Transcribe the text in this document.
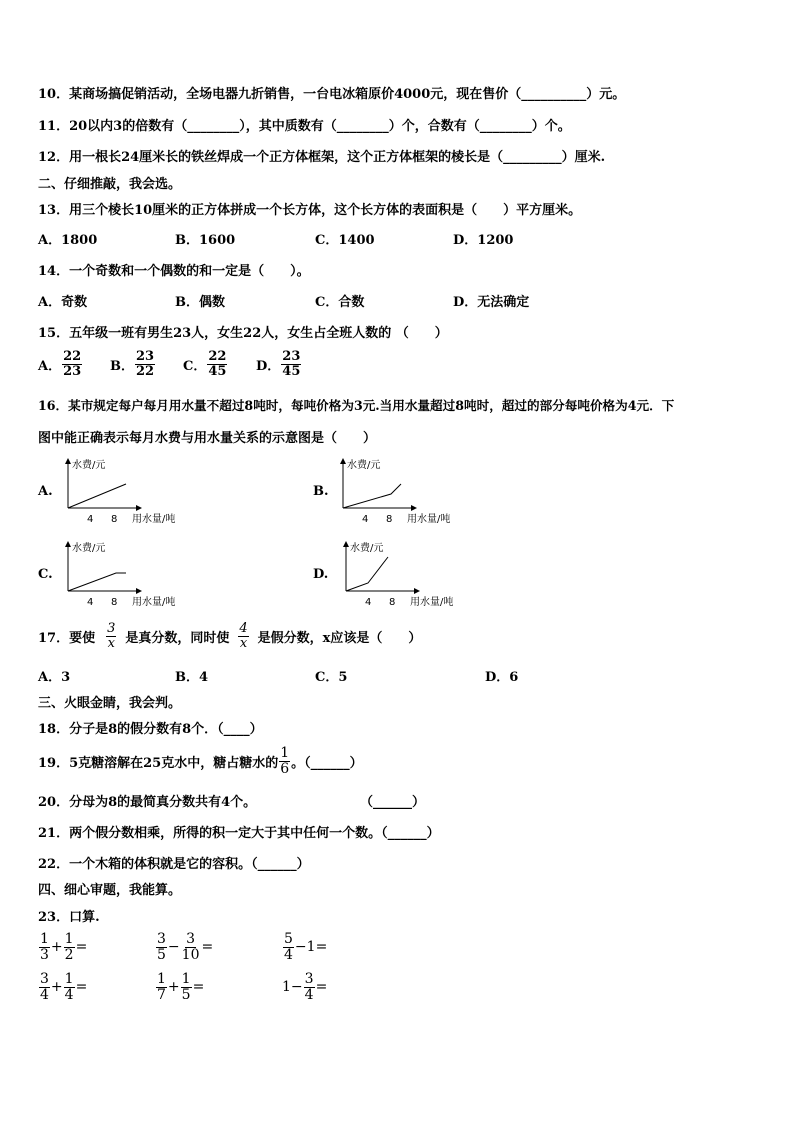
10．某商场搞促销活动，全场电器九折销售，一台电冰箱原价4000元，现在售价（__________）元。
11．20以内3的倍数有（________），其中质数有（________）个，合数有（________）个。
12．用一根长24厘米长的铁丝焊成一个正方体框架，这个正方体框架的棱长是（_________）厘米.
二、仔细推敲，我会选。
13．用三个棱长10厘米的正方体拼成一个长方体，这个长方体的表面积是（　　）平方厘米。
A．1800	B．1600	C．1400	D．1200
14．一个奇数和一个偶数的和一定是（　　）。
A．奇数	B．偶数	C．合数	D．无法确定
15．五年级一班有男生23人，女生22人，女生占全班人数的 （　　）
A． $\frac{22}{23}$ B． $\frac{23}{22}$ C． $\frac{22}{45}$ D． $\frac{23}{45}$
16．某市规定每户每月用水量不超过8吨时，每吨价格为3元.当用水量超过8吨时，超过的部分每吨价格为4元．下
图中能正确表示每月水费与用水量关系的示意图是（　　）
A.
水费/元
4 8 用水量/吨
B.
水费/元
4 8 用水量/吨
C.
水费/元
4 8 用水量/吨
D.
水费/元
4 8 用水量/吨
17．要使 $\frac{3}{x}$ 是真分数，同时使 $\frac{4}{x}$ 是假分数，x应该是（　　）
A．3	B．4	C．5	D．6
三、火眼金睛，我会判。
18．分子是8的假分数有8个．（____）
19．5克糖溶解在25克水中，糖占糖水的 $\frac{1}{6}$ 。（______）
20．分母为8的最简真分数共有4个。	（______）
21．两个假分数相乘，所得的积一定大于其中任何一个数。（______）
22．一个木箱的体积就是它的容积。（______）
四、细心审题，我能算。
23．口算.
$\frac{1}{3} + \frac{1}{2}$ =	$\frac{3}{5} - \frac{3}{10}$ =	$\frac{5}{4} -1$ =
$\frac{3}{4} + \frac{1}{4}$ =	$\frac{1}{7} + \frac{1}{5}$ =	$1- \frac{3}{4}$ =
